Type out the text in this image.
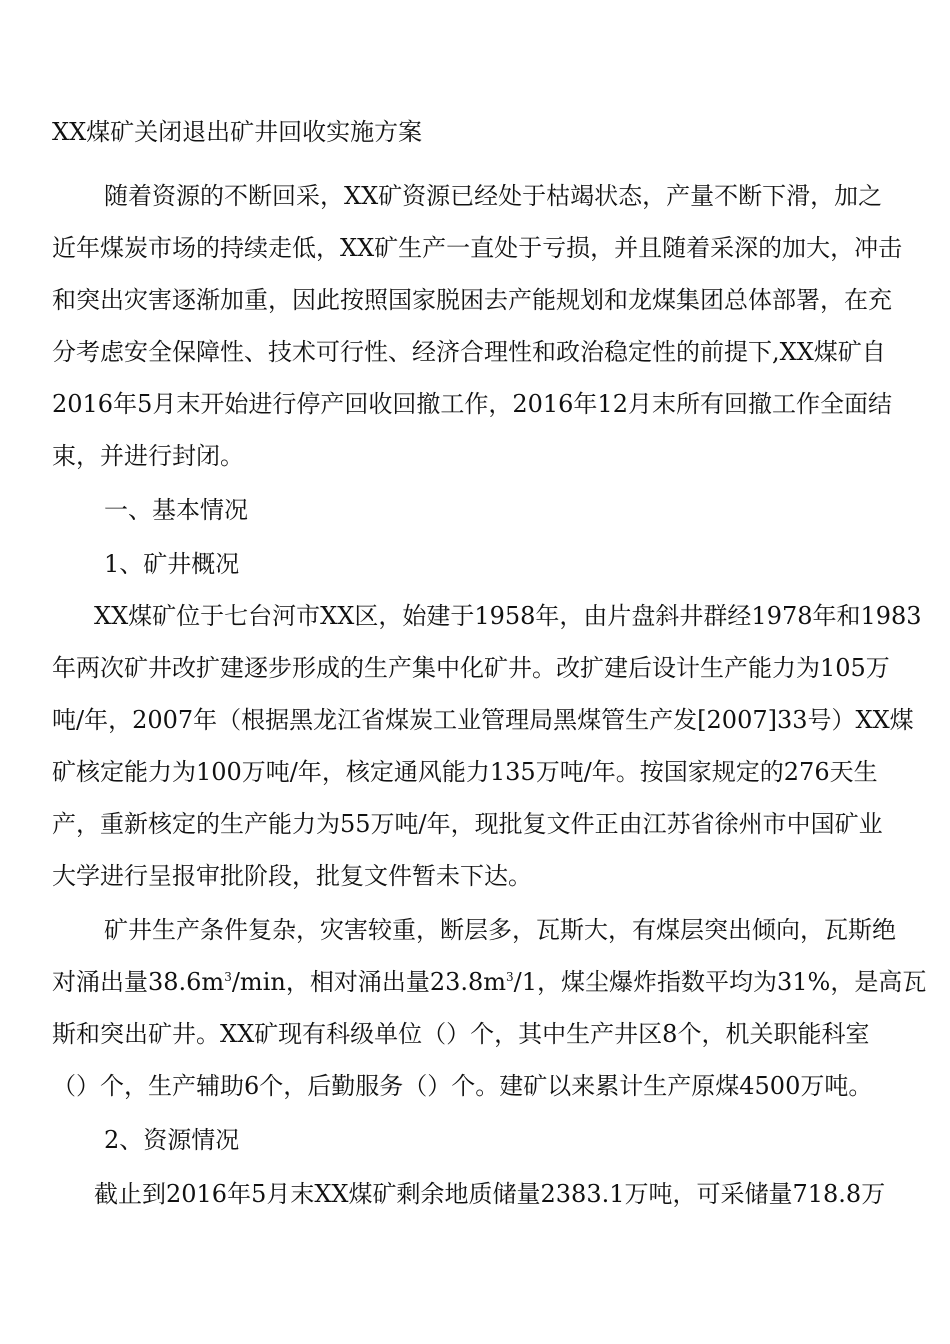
XX煤矿关闭退出矿井回收实施方案
随着资源的不断回采，XX矿资源已经处于枯竭状态，产量不断下滑，加之
近年煤炭市场的持续走低，XX矿生产一直处于亏损，并且随着采深的加大，冲击
和突出灾害逐渐加重，因此按照国家脱困去产能规划和龙煤集团总体部署，在充
分考虑安全保障性、技术可行性、经济合理性和政治稳定性的前提下,XX煤矿自
2016年5月末开始进行停产回收回撤工作，2016年12月末所有回撤工作全面结
束，并进行封闭。
一、基本情况
1、矿井概况
XX煤矿位于七台河市XX区，始建于1958年，由片盘斜井群经1978年和1983
年两次矿井改扩建逐步形成的生产集中化矿井。改扩建后设计生产能力为105万
吨/年，2007年（根据黑龙江省煤炭工业管理局黑煤管生产发[2007]33号）XX煤
矿核定能力为100万吨/年，核定通风能力135万吨/年。按国家规定的276天生
产，重新核定的生产能力为55万吨/年，现批复文件正由江苏省徐州市中国矿业
大学进行呈报审批阶段，批复文件暂未下达。
矿井生产条件复杂，灾害较重，断层多，瓦斯大，有煤层突出倾向，瓦斯绝
对涌出量$38.6m^3/\min$，相对涌出量$23.8m^3/1$，煤尘爆炸指数平均为31%，是高瓦
斯和突出矿井。XX矿现有科级单位（）个，其中生产井区8个，机关职能科室
（）个，生产辅助6个，后勤服务（）个。建矿以来累计生产原煤4500万吨。
2、资源情况
截止到2016年5月末XX煤矿剩余地质储量2383.1万吨，可采储量718.8万
